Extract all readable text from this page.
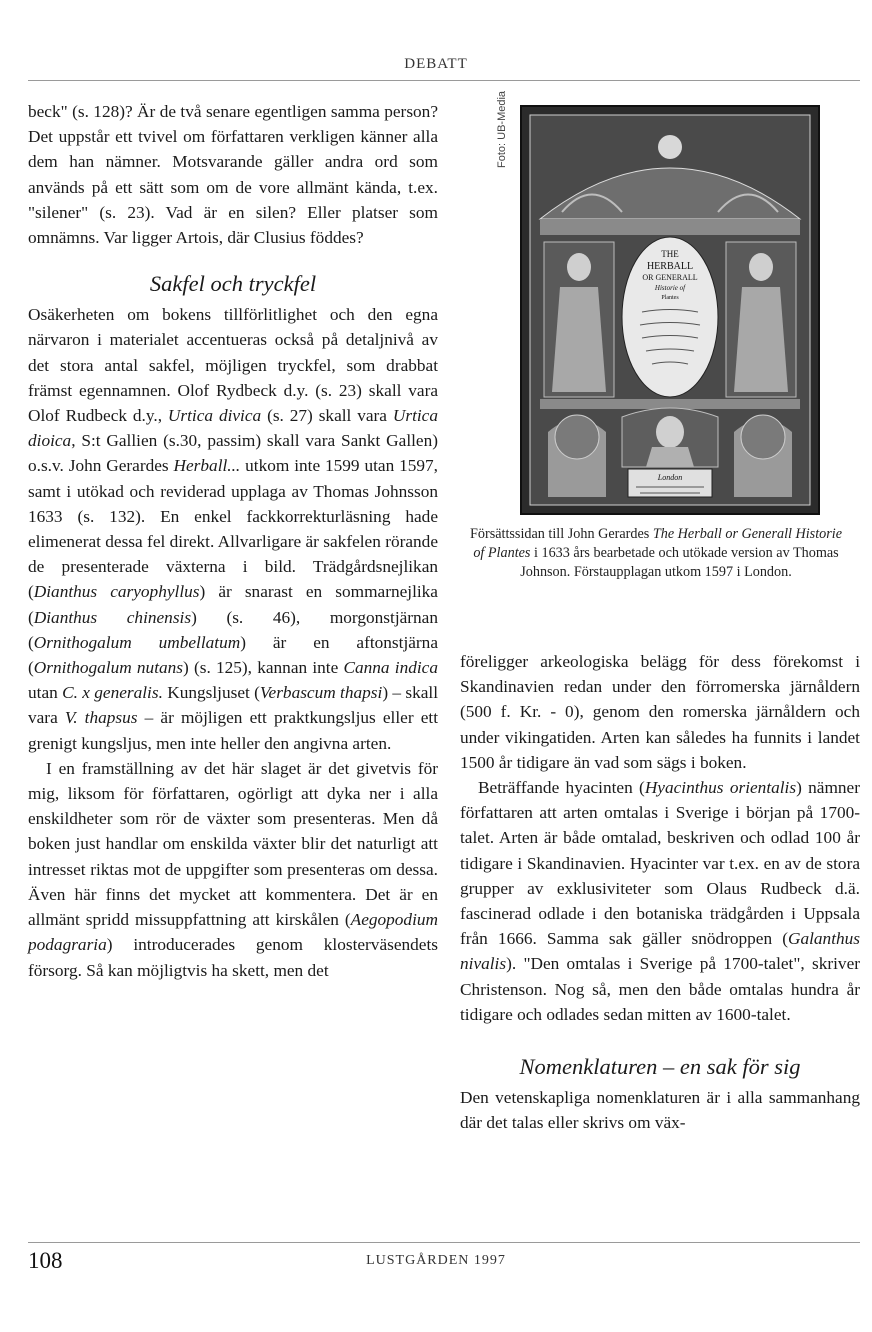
DEBATT

beck" (s. 128)? Är de två senare egentligen samma person? Det uppstår ett tvivel om författaren verkligen känner alla dem han nämner. Motsvarande gäller andra ord som används på ett sätt som om de vore allmänt kända, t.ex. "silener" (s. 23). Vad är en silen? Eller platser som omnämns. Var ligger Artois, där Clusius föddes?

Sakfel och tryckfel

Osäkerheten om bokens tillförlitlighet och den egna närvaron i materialet accentueras också på detaljnivå av det stora antal sakfel, möjligen tryckfel, som drabbat främst egennamnen. Olof Rydbeck d.y. (s. 23) skall vara Olof Rudbeck d.y., Urtica divica (s. 27) skall vara Urtica dioica, S:t Gallien (s.30, passim) skall vara Sankt Gallen) o.s.v. John Gerardes Herball... utkom inte 1599 utan 1597, samt i utökad och reviderad upplaga av Thomas Johnsson 1633 (s. 132). En enkel fackkorrekturläsning hade elimenerat dessa fel direkt. Allvarligare är sakfelen rörande de presenterade växterna i bild. Trädgårdsnejlikan (Dianthus caryophyllus) är snarast en sommarnejlika (Dianthus chinensis) (s. 46), morgonstjärnan (Ornithogalum umbellatum) är en aftonstjärna (Ornithogalum nutans) (s. 125), kannan inte Canna indica utan C. x generalis. Kungsljuset (Verbascum thapsi) – skall vara V. thapsus – är möjligen ett praktkungsljus eller ett grenigt kungsljus, men inte heller den angivna arten.

I en framställning av det här slaget är det givetvis för mig, liksom för författaren, ogörligt att dyka ner i alla enskildheter som rör de växter som presenteras. Men då boken just handlar om enskilda växter blir det naturligt att intresset riktas mot de uppgifter som presenteras om dessa. Även här finns det mycket att kommentera. Det är en allmänt spridd missuppfattning att kirskålen (Aegopodium podagraria) introducerades genom klosterväsendets försorg. Så kan möjligtvis ha skett, men det

Foto: UB-Media
THE
HERBALL
OR GENERALL
Historie of
Plantes
London
Försättssidan till John Gerardes The Herball or Generall Historie of Plantes i 1633 års bearbetade och utökade version av Thomas Johnson. Förstaupplagan utkom 1597 i London.

föreligger arkeologiska belägg för dess förekomst i Skandinavien redan under den förromerska järnåldern (500 f. Kr. - 0), genom den romerska järnåldern och under vikingatiden. Arten kan således ha funnits i landet 1500 år tidigare än vad som sägs i boken.

Beträffande hyacinten (Hyacinthus orientalis) nämner författaren att arten omtalas i Sverige i början på 1700-talet. Arten är både omtalad, beskriven och odlad 100 år tidigare i Skandinavien. Hyacinter var t.ex. en av de stora grupper av exklusiviteter som Olaus Rudbeck d.ä. fascinerad odlade i den botaniska trädgården i Uppsala från 1666. Samma sak gäller snödroppen (Galanthus nivalis). "Den omtalas i Sverige på 1700-talet", skriver Christenson. Nog så, men den både omtalas hundra år tidigare och odlades sedan mitten av 1600-talet.

Nomenklaturen – en sak för sig

Den vetenskapliga nomenklaturen är i alla sammanhang där det talas eller skrivs om väx-

108	LUSTGÅRDEN 1997
